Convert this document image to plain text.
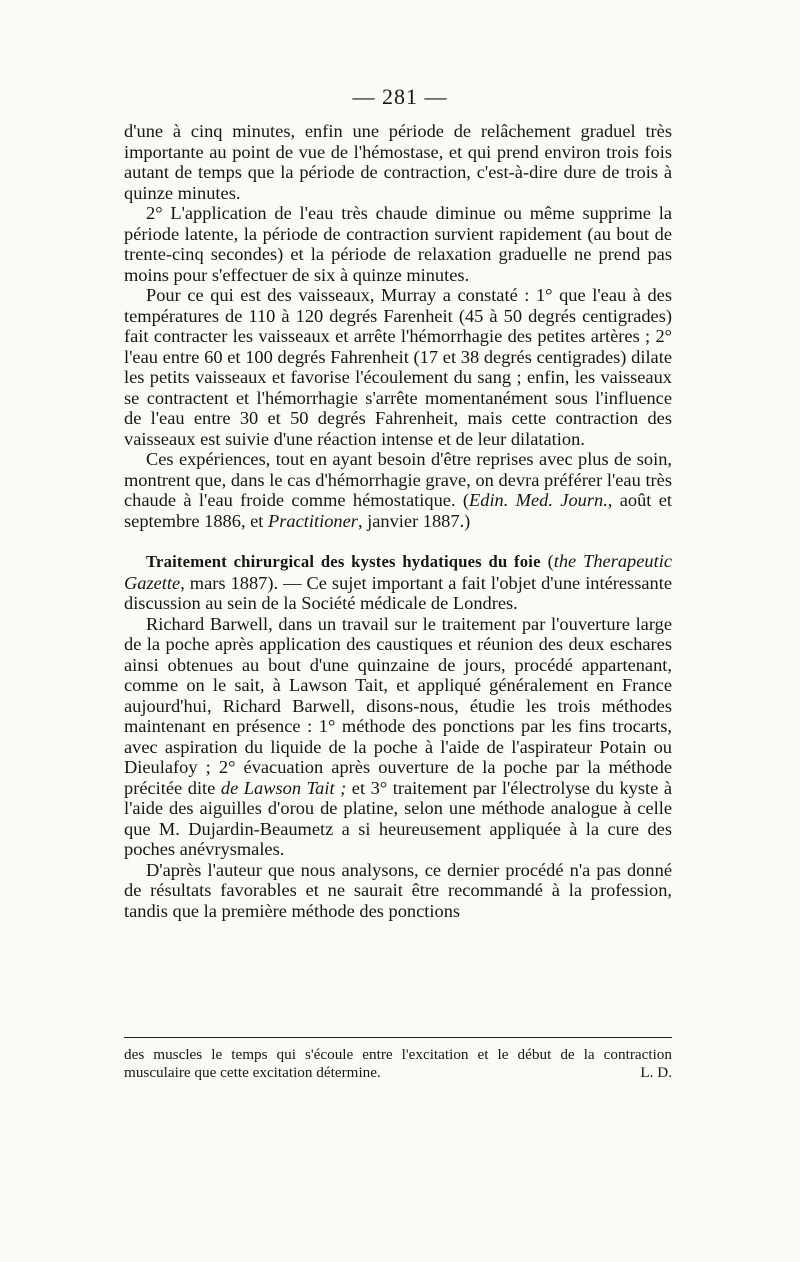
— 281 —

d'une à cinq minutes, enfin une période de relâchement graduel très importante au point de vue de l'hémostase, et qui prend environ trois fois autant de temps que la période de contraction, c'est-à-dire dure de trois à quinze minutes.

2° L'application de l'eau très chaude diminue ou même supprime la période latente, la période de contraction survient rapidement (au bout de trente-cinq secondes) et la période de relaxation graduelle ne prend pas moins pour s'effectuer de six à quinze minutes.

Pour ce qui est des vaisseaux, Murray a constaté : 1° que l'eau à des températures de 110 à 120 degrés Farenheit (45 à 50 degrés centigrades) fait contracter les vaisseaux et arrête l'hémorrhagie des petites artères ; 2° l'eau entre 60 et 100 degrés Fahrenheit (17 et 38 degrés centigrades) dilate les petits vaisseaux et favorise l'écoulement du sang ; enfin, les vaisseaux se contractent et l'hémorrhagie s'arrête momentanément sous l'influence de l'eau entre 30 et 50 degrés Fahrenheit, mais cette contraction des vaisseaux est suivie d'une réaction intense et de leur dilatation.

Ces expériences, tout en ayant besoin d'être reprises avec plus de soin, montrent que, dans le cas d'hémorrhagie grave, on devra préférer l'eau très chaude à l'eau froide comme hémostatique. (Edin. Med. Journ., août et septembre 1886, et Practitioner, janvier 1887.)

Traitement chirurgical des kystes hydatiques du foie (the Therapeutic Gazette, mars 1887). — Ce sujet important a fait l'objet d'une intéressante discussion au sein de la Société médicale de Londres.

Richard Barwell, dans un travail sur le traitement par l'ouverture large de la poche après application des caustiques et réunion des deux eschares ainsi obtenues au bout d'une quinzaine de jours, procédé appartenant, comme on le sait, à Lawson Tait, et appliqué généralement en France aujourd'hui, Richard Barwell, disons-nous, étudie les trois méthodes maintenant en présence : 1° méthode des ponctions par les fins trocarts, avec aspiration du liquide de la poche à l'aide de l'aspirateur Potain ou Dieulafoy ; 2° évacuation après ouverture de la poche par la méthode précitée dite de Lawson Tait ; et 3° traitement par l'électrolyse du kyste à l'aide des aiguilles d'orou de platine, selon une méthode analogue à celle que M. Dujardin-Beaumetz a si heureusement appliquée à la cure des poches anévrysmales.

D'après l'auteur que nous analysons, ce dernier procédé n'a pas donné de résultats favorables et ne saurait être recommandé à la profession, tandis que la première méthode des ponctions

des muscles le temps qui s'écoule entre l'excitation et le début de la contraction musculaire que cette excitation détermine.	L. D.
